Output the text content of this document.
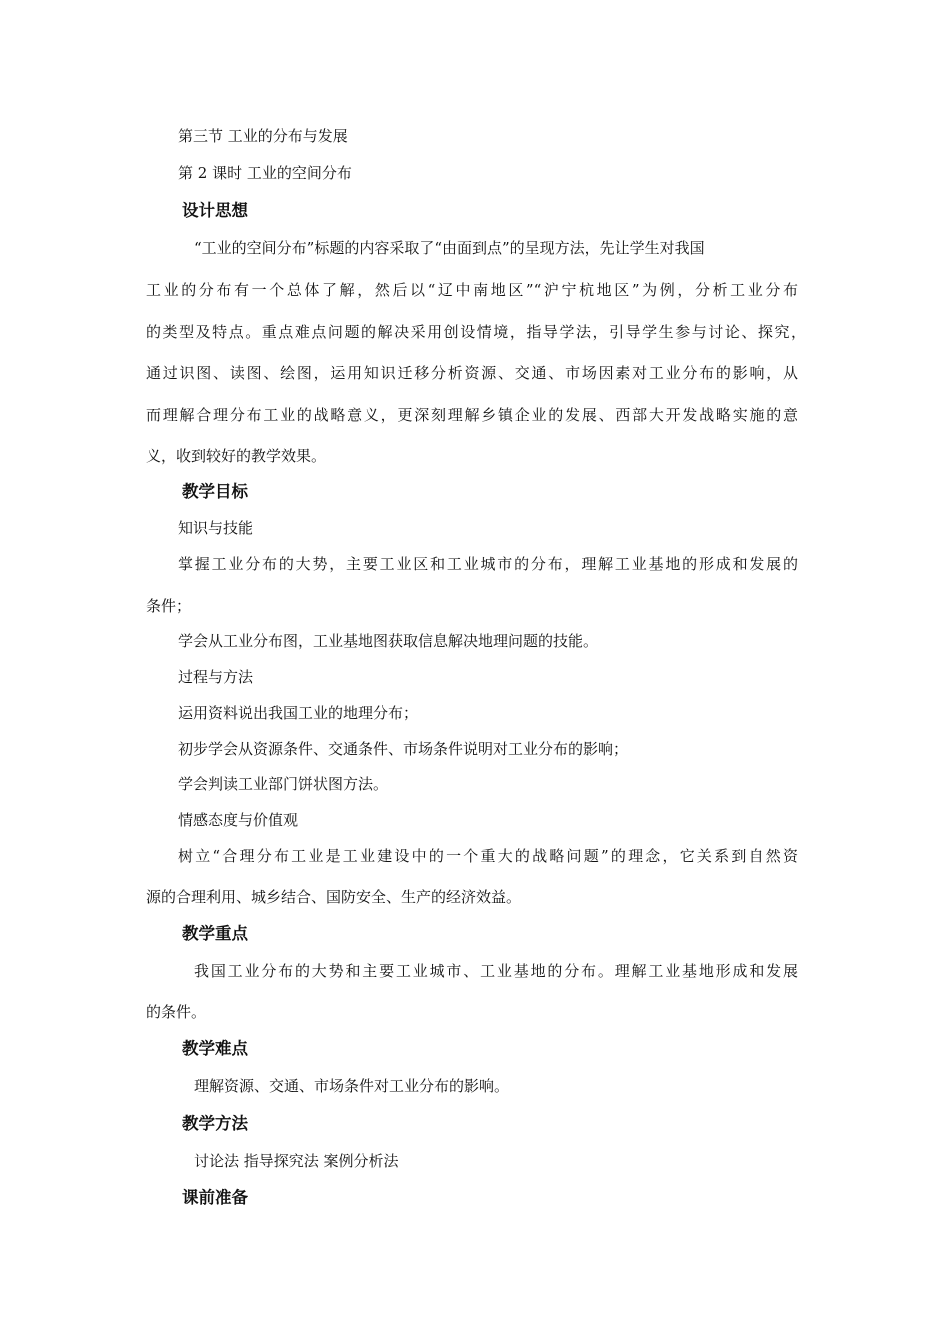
第三节 工业的分布与发展
第 2 课时 工业的空间分布
设计思想
“工业的空间分布”标题的内容采取了“由面到点”的呈现方法，先让学生对我国
工业的分布有一个总体了解，然后以“辽中南地区”“沪宁杭地区”为例，分析工业分布
的类型及特点。重点难点问题的解决采用创设情境，指导学法，引导学生参与讨论、探究，
通过识图、读图、绘图，运用知识迁移分析资源、交通、市场因素对工业分布的影响，从
而理解合理分布工业的战略意义，更深刻理解乡镇企业的发展、西部大开发战略实施的意
义，收到较好的教学效果。
教学目标
知识与技能
掌握工业分布的大势，主要工业区和工业城市的分布，理解工业基地的形成和发展的
条件；
学会从工业分布图，工业基地图获取信息解决地理问题的技能。
过程与方法
运用资料说出我国工业的地理分布；
初步学会从资源条件、交通条件、市场条件说明对工业分布的影响；
学会判读工业部门饼状图方法。
情感态度与价值观
树立“合理分布工业是工业建设中的一个重大的战略问题”的理念，它关系到自然资
源的合理利用、城乡结合、国防安全、生产的经济效益。
教学重点
我国工业分布的大势和主要工业城市、工业基地的分布。理解工业基地形成和发展
的条件。
教学难点
理解资源、交通、市场条件对工业分布的影响。
教学方法
讨论法 指导探究法 案例分析法
课前准备
